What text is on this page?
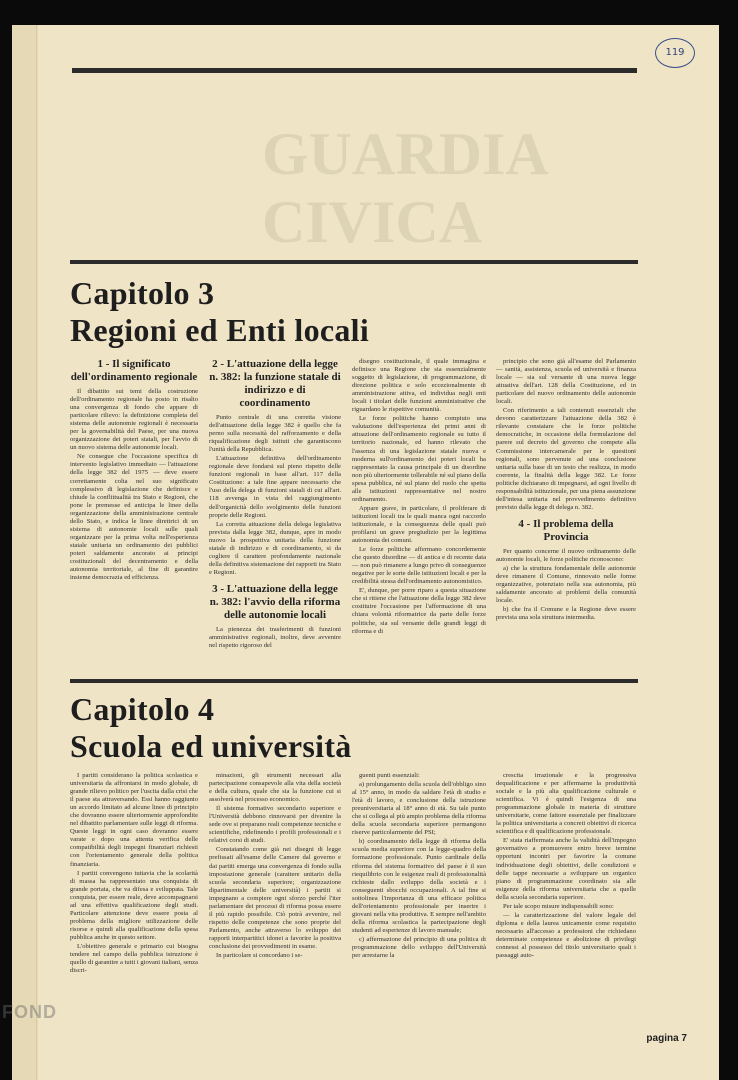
119
GUARDIA
CIVICA
Capitolo 3
Regioni ed Enti locali
1 - Il significato dell'ordinamento regionale

Il dibattito sui temi della costruzione dell'ordinamento regionale ha posto in risalto una convergenza di fondo che appare di particolare rilievo: la definizione completa del sistema delle autonomie regionali è necessaria per la governabilità del Paese, per una nuova organizzazione dei poteri statali, per l'avvio di un nuovo sistema delle autonomie locali.

Ne consegue che l'occasione specifica di intervento legislativo immediato — l'attuazione della legge 382 del 1975 — deve essere correttamente colta nel suo significato complessivo di legislazione che definisce e chiude la conflittualità tra Stato e Regioni, che pone le premesse ed anticipa le linee della organizzazione della amministrazione centrale dello Stato, e indica le linee direttrici di un sistema di autonomie locali sulle quali organizzare per la prima volta nell'esperienza statale unitaria un ordinamento dei pubblici poteri saldamente ancorato ai principi costituzionali del decentramento e della autonomia territoriale, al fine di garantire insieme democrazia ed efficienza.

2 - L'attuazione della legge n. 382: la funzione statale di indirizzo e di coordinamento

Punto centrale di una corretta visione dell'attuazione della legge 382 è quello che fa perno sulla necessità del rafforzamento e della riqualificazione degli istituti che garantiscono l'unità della Repubblica.

L'attuazione definitiva dell'ordinamento regionale deve fondarsi sul pieno rispetto delle funzioni regionali in base all'art. 117 della Costituzione: a tale fine appare necessario che l'uso della delega di funzioni statali di cui all'art. 118 avvenga in vista del raggiungimento dell'organicità dello svolgimento delle funzioni proprie delle Regioni.

La corretta attuazione della delega legislativa prevista dalla legge 382, dunque, apre in modo nuovo la prospettiva unitaria della funzione statale di indirizzo e di coordinamento, si da cogliere il carattere profondamente nazionale della definitiva sistemazione dei rapporti tra Stato e Regioni.

3 - L'attuazione della legge n. 382: l'avvio della riforma delle autonomie locali

La pienezza dei trasferimenti di funzioni amministrative regionali, inoltre, deve avvenire nel rispetto rigoroso del

disegno costituzionale, il quale immagina e definisce una Regione che sia essenzialmente soggetto di legislazione, di programmazione, di direzione politica e solo eccezionalmente di amministrazione attiva, ed individua negli enti locali i titolari delle funzioni amministrative che riguardano le rispettive comunità.

Le forze politiche hanno compiuto una valutazione dell'esperienza dei primi anni di attuazione dell'ordinamento regionale su tutto il territorio nazionale, ed hanno rilevato che l'assenza di una legislazione statale nuova e moderna sull'ordinamento dei poteri locali ha rappresentato la causa principale di un disordine non più ulteriormente tollerabile né sul piano della spesa pubblica, né sul piano del ruolo che spetta alle istituzioni rappresentative nel nostro ordinamento.

Appare grave, in particolare, il proliferare di istituzioni locali tra le quali manca ogni raccordo istituzionale, e la conseguenza delle quali può profilarsi un grave pregiudizio per la legittima autonomia dei comuni.

Le forze politiche affermano concordemente che questo disordine — di antica e di recente data — non può rimanere a lungo privo di conseguenze negative per le sorte delle istituzioni locali e per la credibilità stessa dell'ordinamento autonomistico.

E', dunque, per porre riparo a questa situazione che si ritiene che l'attuazione della legge 382 deve costituire l'occasione per l'affermazione di una chiara volontà riformatrice da parte delle forze politiche, sia sul versante delle grandi leggi di riforma e di

principio che sono già all'esame del Parlamento — sanità, assistenza, scuola ed università e finanza locale — sia sul versante di una nuova legge attuativa dell'art. 128 della Costituzione, ed in particolare del nuovo ordinamento delle autonomie locali.

Con riferimento a tali contenuti essenziali che devono caratterizzare l'attuazione della 382 è rilevante constatare che le forze politiche democratiche, in occasione della formulazione del parere sul decreto del governo che compete alla Commissione intercamerale per le questioni regionali, sono pervenute ad una conclusione unitaria sulla base di un testo che realizza, in modo coerente, la finalità della legge 382. Le forze politiche dichiarano di impegnarsi, ad ogni livello di responsabilità istituzionale, per una piena assunzione dell'intesa unitaria nel provvedimento definitivo previsto dalla legge di delega n. 382.

4 - Il problema della Provincia

Per quanto concerne il nuovo ordinamento delle autonomie locali, le forze politiche riconoscono:

a) che la struttura fondamentale delle autonomie deve rimanere il Comune, rinnovato nelle forme organizzative, potenziato nella sua autonomia, più saldamente ancorato ai problemi della comunità locale.

b) che fra il Comune e la Regione deve essere prevista una sola struttura intermedia.

Capitolo 4
Scuola ed università

I partiti considerano la politica scolastica e universitaria da affrontarsi in modo globale, di grande rilievo politico per l'uscita dalla crisi che il paese sta attraversando. Essi hanno raggiunto un accordo limitato ad alcune linee di principio che dovranno essere ulteriormente approfondite nel dibattito parlamentare sulle leggi di riforma. Queste leggi in ogni caso dovranno essere varate e dopo una attenta verifica delle compatibilità degli impegni finanziari richiesti con l'orientamento generale della politica finanziaria.

I partiti convengono tuttavia che la scolarità di massa ha rappresentato una conquista di grande portata, che va difesa e sviluppata. Tale conquista, per essere reale, deve accompagnarsi ad una effettiva qualificazione degli studi. Particolare attenzione deve essere posta al problema della migliore utilizzazione delle risorse e quindi alla qualificazione della spesa pubblica anche in questo settore.

L'obiettivo generale e primario cui bisogna tendere nel campo della pubblica istruzione è quello di garantire a tutti i giovani italiani, senza discri-

minazioni, gli strumenti necessari alla partecipazione consapevole alla vita della società e della cultura, quale che sia la funzione cui si assolverà nel processo economico.

Il sistema formativo secondario superiore e l'Università debbono rinnovarsi per divenire la sede ove si preparano reali competenze tecniche e scientifiche, ridefinendo i profili professionali e i relativi corsi di studi.

Constatando come già nei disegni di legge prefissati all'esame delle Camere dal governo e dai partiti emerga una convergenza di fondo sulla impostazione generale (carattere unitario della scuola secondaria superiore; organizzazione dipartimentale delle università) i partiti si impegnano a compiere ogni sforzo perché l'iter parlamentare dei processi di riforma possa essere il più rapido possibile. Ciò potrà avvenire, nel rispetto delle competenze che sono proprie del Parlamento, anche attraverso lo sviluppo dei rapporti interpartitici idonei a favorire la positiva conclusione dei provvedimenti in esame.

In particolare si concordano i se-

guenti punti essenziali:

a) prolungamento della scuola dell'obbligo sino al 15° anno, in modo da saldare l'età di studio e l'età di lavoro, e conclusione della istruzione preuniversitaria al 18° anno di età. Su tale punto che si collega al più ampio problema della riforma della scuola secondaria superiore permangono riserve particolarmente del PSI;

b) coordinamento della legge di riforma della scuola media superiore con la legge-quadro della formazione professionale. Punto cardinale della riforma del sistema formativo del paese è il suo riequilibrio con le esigenze reali di professionalità richieste dallo sviluppo della società e i conseguenti sbocchi occupazionali. A tal fine si sottolinea l'importanza di una efficace politica dell'orientamento professionale per inserire i giovani nella vita produttiva. E sempre nell'ambito della riforma scolastica la partecipazione degli studenti ad esperienze di lavoro manuale;

c) affermazione del principio di una politica di programmazione dello sviluppo dell'Università per arrestarne la

crescita irrazionale e la progressiva dequalificazione e per affermarne la produttività sociale e la più alta qualificazione culturale e scientifica. Vi è quindi l'esigenza di una programmazione globale in materia di strutture universitarie, come fattore essenziale per finalizzare la politica universitaria a concreti obiettivi di ricerca scientifica e di qualificazione professionale.

E' stata riaffermata anche la validità dell'impegno governativo a promuovere entro breve termine opportuni incontri per favorire la comune individuazione degli obiettivi, delle condizioni e delle tappe necessarie a sviluppare un organico piano di programmazione coordinato sia alle esigenze della riforma universitaria che a quelle della scuola secondaria superiore.

Per tale scopo misure indispensabili sono:

— la caratterizzazione del valore legale del diploma e della laurea unicamente come requisito necessario all'accesso a professioni che richiedano determinate competenze e abolizione di privilegi connessi al possesso del titolo universitario quali i passaggi auto-

pagina 7

FOND
